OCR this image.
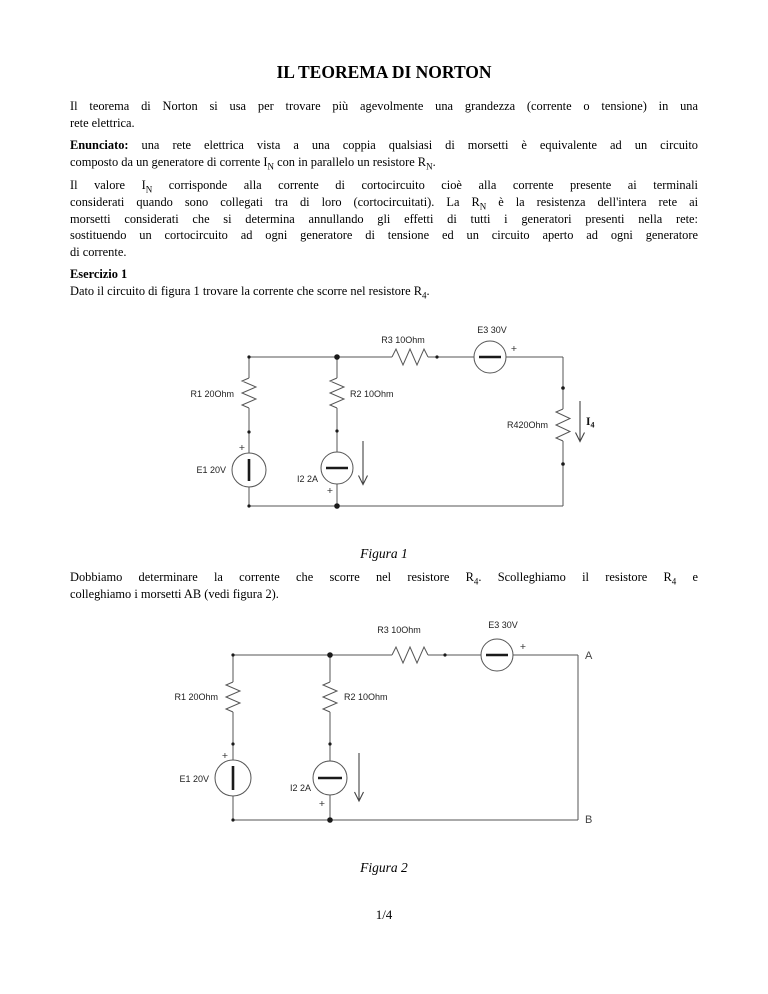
IL TEOREMA DI NORTON
Il teorema di Norton si usa per trovare più agevolmente una grandezza (corrente o tensione) in una
rete elettrica.
Enunciato: una rete elettrica vista a una coppia qualsiasi di morsetti è equivalente ad un circuito
composto da un generatore di corrente $I_N$ con in parallelo un resistore $R_N$.
Il valore $I_N$ corrisponde alla corrente di cortocircuito cioè alla corrente presente ai terminali
considerati quando sono collegati tra di loro (cortocircuitati). La $R_N$ è la resistenza dell'intera rete ai
morsetti considerati che si determina annullando gli effetti di tutti i generatori presenti nella rete:
sostituendo un cortocircuito ad ogni generatore di tensione ed un circuito aperto ad ogni generatore
di corrente.
Esercizio 1
Dato il circuito di figura 1 trovare la corrente che scorre nel resistore $R_4$.
R1 20Ohm	R2 10Ohm
R3 10Ohm
E3 30V
+
R420Ohm	$I_4$
E1 20V
+
I2 2A
+
Figura 1
Dobbiamo determinare la corrente che scorre nel resistore $R_4$. Scolleghiamo il resistore $R_4$ e
colleghiamo i morsetti AB (vedi figura 2).
R1 20Ohm	R2 10Ohm
R3 10Ohm	E3 30V
+
E1 20V
+
I2 2A
+
A
B
Figura 2
1/4
